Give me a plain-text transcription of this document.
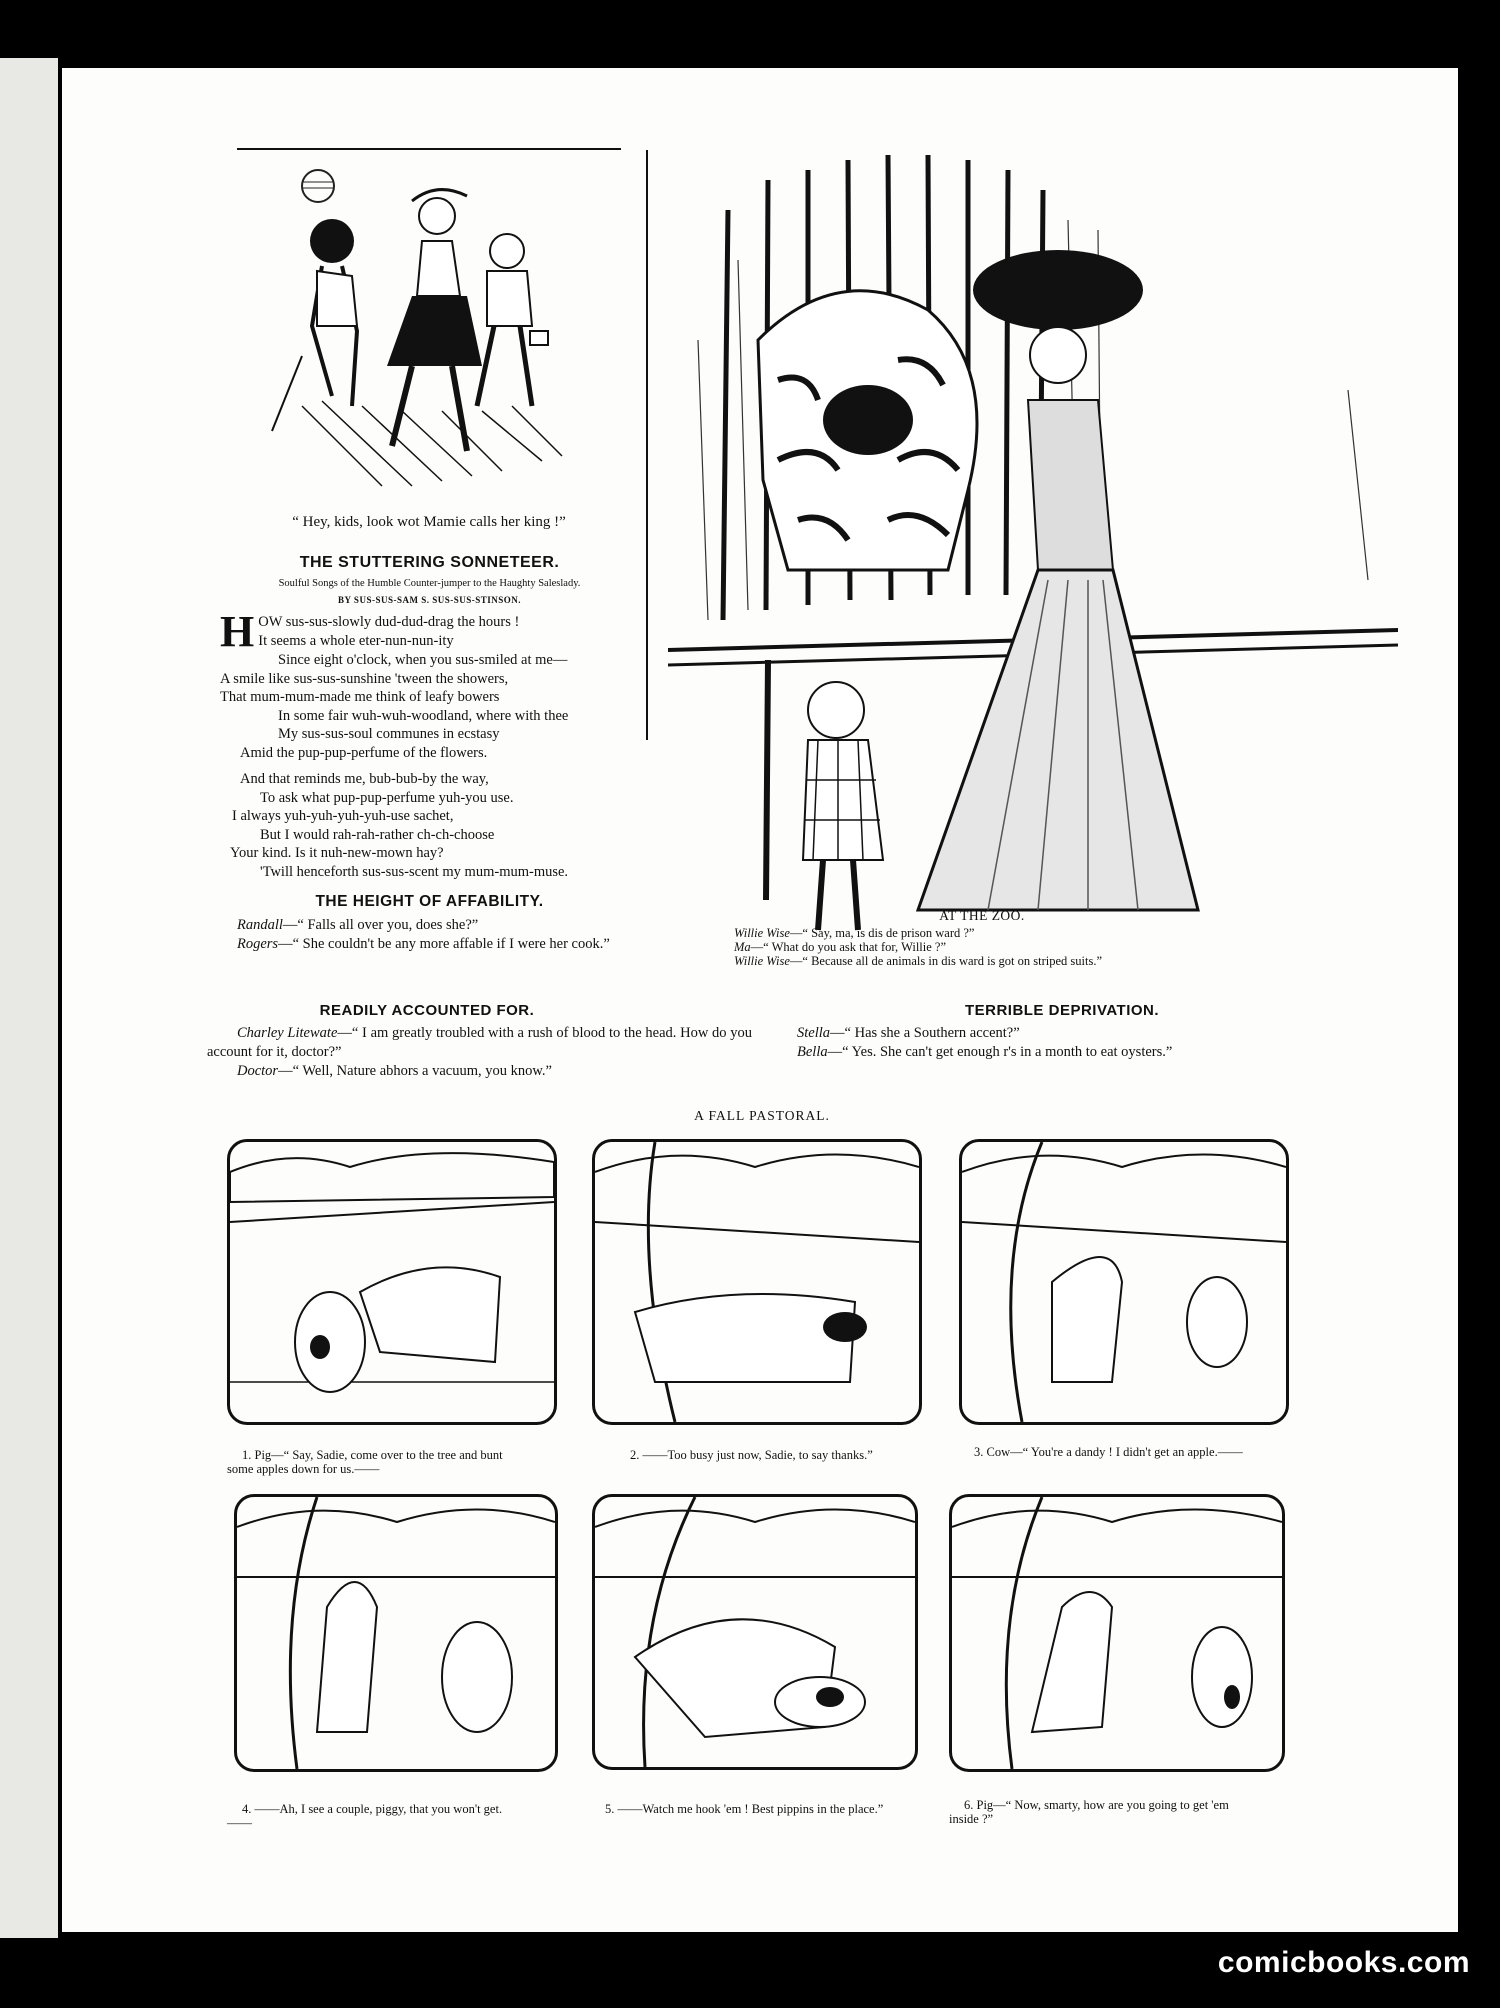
“ Hey, kids, look wot Mamie calls her king !”
THE STUTTERING SONNETEER.
Soulful Songs of the Humble Counter-jumper to the Haughty Saleslady.
BY SUS-SUS-SAM S. SUS-SUS-STINSON.
H OW sus-sus-slowly dud-dud-drag the hours !
It seems a whole eter-nun-nun-ity
Since eight o'clock, when you sus-smiled at me—
A smile like sus-sus-sunshine 'tween the showers,
That mum-mum-made me think of leafy bowers
In some fair wuh-wuh-woodland, where with thee
My sus-sus-soul communes in ecstasy
Amid the pup-pup-perfume of the flowers.
And that reminds me, bub-bub-by the way,
To ask what pup-pup-perfume yuh-you use.
I always yuh-yuh-yuh-yuh-use sachet,
But I would rah-rah-rather ch-ch-choose
Your kind. Is it nuh-new-mown hay?
'Twill henceforth sus-sus-scent my mum-mum-muse.
THE HEIGHT OF AFFABILITY.
Randall—“ Falls all over you, does she?”
Rogers—“ She couldn't be any more affable if I were her cook.”
AT THE ZOO.
Willie Wise—“ Say, ma, is dis de prison ward ?”
Ma—“ What do you ask that for, Willie ?”
Willie Wise—“ Because all de animals in dis ward is got on striped suits.”
READILY ACCOUNTED FOR.
Charley Litewate—“ I am greatly troubled with a rush of blood to the head. How do you account for it, doctor?”
Doctor—“ Well, Nature abhors a vacuum, you know.”
TERRIBLE DEPRIVATION.
Stella—“ Has she a Southern accent?”
Bella—“ Yes. She can't get enough r's in a month to eat oysters.”
A FALL PASTORAL.
1. Pig—“ Say, Sadie, come over to the tree and bunt some apples down for us.——
2. ——Too busy just now, Sadie, to say thanks.”	3. Cow—“ You're a dandy ! I didn't get an apple.——
4. ——Ah, I see a couple, piggy, that you won't get.——
5. ——Watch me hook 'em ! Best pippins in the place.”	6. Pig—“ Now, smarty, how are you going to get 'em inside ?”
comicbooks.com
